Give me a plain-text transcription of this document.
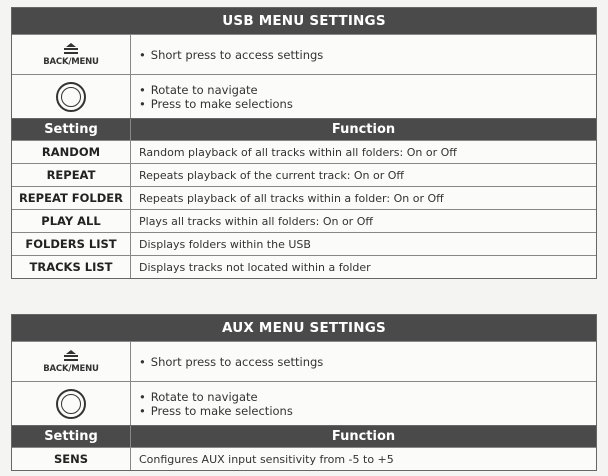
USB MENU SETTINGS
BACK/MENU	• Short press to access settings
• Rotate to navigate
• Press to make selections
Setting	Function
RANDOM	Random playback of all tracks within all folders: On or Off
REPEAT	Repeats playback of the current track: On or Off
REPEAT FOLDER	Repeats playback of all tracks within a folder: On or Off
PLAY ALL	Plays all tracks within all folders: On or Off
FOLDERS LIST	Displays folders within the USB
TRACKS LIST	Displays tracks not located within a folder
AUX MENU SETTINGS
BACK/MENU	• Short press to access settings
• Rotate to navigate
• Press to make selections
Setting	Function
SENS	Configures AUX input sensitivity from -5 to +5
